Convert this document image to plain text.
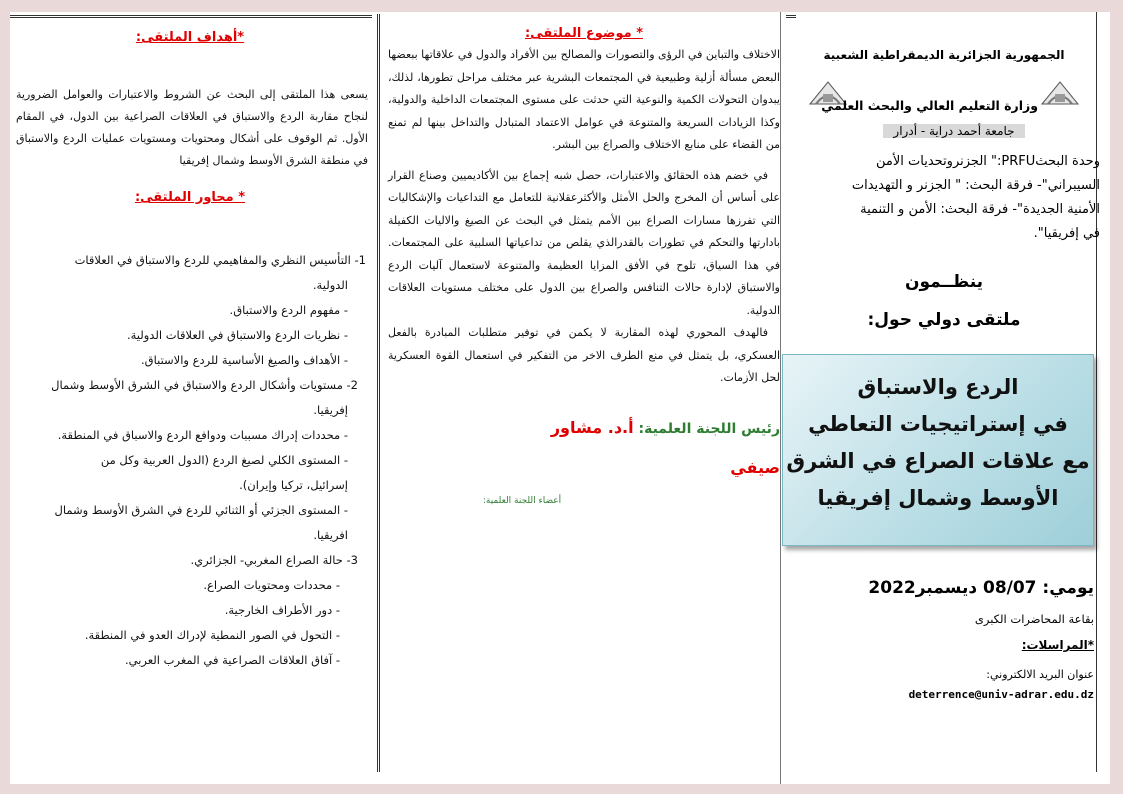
*أهداف الملتقى:

يسعى هذا الملتقى إلى البحث عن الشروط والاعتبارات والعوامل الضرورية لنجاح مقاربة الردع والاستباق في العلاقات الصراعية بين الدول، في المقام الأول. ثم الوقوف على أشكال ومحتويات ومستويات عمليات الردع والاستباق في منطقة الشرق الأوسط وشمال إفريقيا

* محاور الملتقى:

1- التأسيس النظري والمفاهيمي للردع والاستباق في العلاقات
الدولية.
- مفهوم الردع والاستباق.
- نظريات الردع والاستباق في العلاقات الدولية.
- الأهداف والصيغ الأساسية للردع والاستباق.
2- مستويات وأشكال الردع والاستباق في الشرق الأوسط وشمال
إفريقيا.
- محددات إدراك مسببات ودوافع الردع والاسباق في المنطقة.
- المستوى الكلي لصيغ الردع (الدول العربية وكل من
إسرائيل، تركيا وإيران).
- المستوى الجزئي أو الثنائي للردع في الشرق الأوسط وشمال
افريقيا.
3- حالة الصراع المغربي- الجزائري.
- محددات ومحتويات الصراع.
- دور الأطراف الخارجية.
- التحول في الصور النمطية لإدراك العدو في المنطقة.
- آفاق العلاقات الصراعية في المغرب العربي.

* موضوع الملتقى:

الاختلاف والتباين في الرؤى والتصورات والمصالح بين الأفراد والدول في علاقاتها ببعضها البعض مسألة أزلية وطبيعية في المجتمعات البشرية عبر مختلف مراحل تطورها، لذلك، يبدوان التحولات الكمية والنوعية التي حدثت على مستوى المجتمعات الداخلية والدولية، وكذا الزيادات السريعة والمتنوعة في عوامل الاعتماد المتبادل والتداخل بينها لم تمنع من القضاء على منابع الاختلاف والصراع بين البشر.

في خضم هذه الحقائق والاعتبارات، حصل شبه إجماع بين الأكاديميين وصناع القرار على أساس أن المخرج والحل الأمثل والأكثرعقلانية للتعامل مع التداعيات والإشكاليات التي تفرزها مسارات الصراع بين الأمم يتمثل في البحث عن الصيغ والاليات الكفيلة بادارتها والتحكم في تطورات بالقدرالذي يقلص من تداعياتها السلبية على المجتمعات. في هذا السياق، تلوح في الأفق المزايا العظيمة والمتنوعة لاستعمال آليات الردع والاستباق لإدارة حالات التنافس والصراع بين الدول على مختلف مستويات العلاقات الدولية.

فالهدف المحوري لهذه المقاربة لا يكمن في توفير متطلبات المبادرة بالفعل العسكري، بل يتمثل في منع الطرف الاخر من التفكير في استعمال القوة العسكرية لحل الأزمات.

رئيس اللجنة العلمية: أ.د. مشاور
صيفي
أعضاء اللجنة العلمية:
الجمهورية الجزائرية الديمقراطية الشعبية
وزارة التعليم العالي والبحث العلمي
جامعة أحمد دراية - أدرار
وحدة البحثPRFU:" الجزنروتحديات الأمن
السيبراني"- فرقة البحث: " الجزنر و التهديدات
الأمنية الجديدة"- فرقة البحث: الأمن و التنمية
في إفريقيا".
ينظــمون
ملتقى دولي حول:
الردع والاستباق
في إستراتيجيات التعاطي
مع علاقات الصراع في الشرق
الأوسط وشمال إفريقيا
يومي: 08/07 ديسمبر2022
بقاعة المحاضرات الكبرى
*المراسلات:
عنوان البريد الالكتروني:
deterrence@univ-adrar.edu.dz
